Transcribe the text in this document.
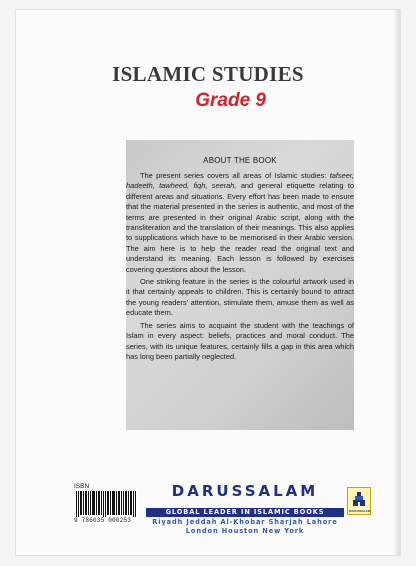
ISLAMIC STUDIES
Grade 9
ABOUT THE BOOK

The present series covers all areas of Islamic studies: tafseer, hadeeth, tawheed, fiqh, seerah, and general etiquette relating to different areas and situations. Every effort has been made to ensure that the material presented in the series is authentic, and most of the terms are presented in their original Arabic script, along with the transliteration and the translation of their meanings. This also applies to supplications which have to be memorised in their Arabic version. The aim here is to help the reader read the original text and understand its meaning. Each lesson is followed by exercises covering questions about the lesson.

One striking feature in the series is the colourful artwork used in it that certainly appeals to children. This is certainly bound to attract the young readers' attention, stimulate them, amuse them as well as educate them.

The series aims to acquaint the student with the teachings of Islam in every aspect: beliefs, practices and moral conduct. The series, with its unique features, certainly fills a gap in this area which has long been partially neglected.

ISBN
9 786035 000253
DARUSSALAM
GLOBAL LEADER IN ISLAMIC BOOKS
Riyadh Jeddah Al-Khobar Sharjah Lahore
London Houston New York
DARUSSALAM
